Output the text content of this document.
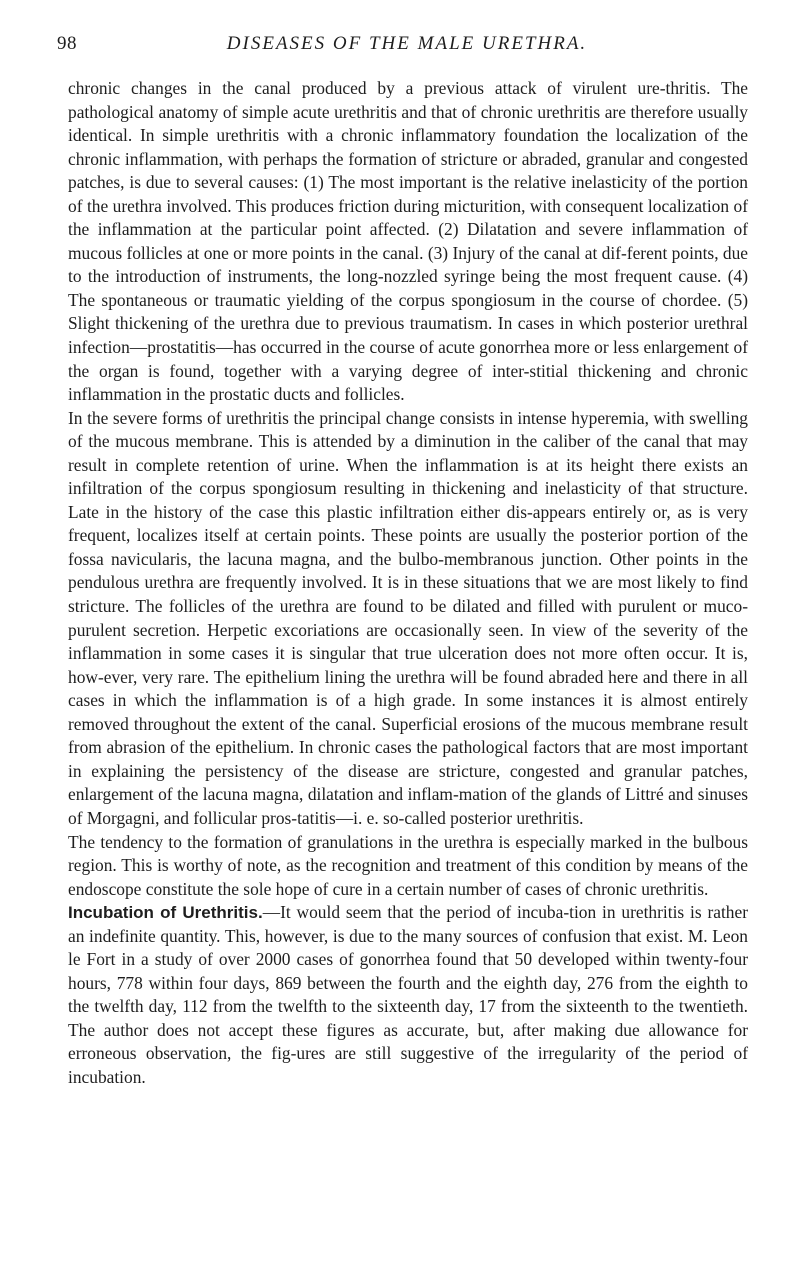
98	DISEASES OF THE MALE URETHRA.

chronic changes in the canal produced by a previous attack of virulent ure-thritis. The pathological anatomy of simple acute urethritis and that of chronic urethritis are therefore usually identical. In simple urethritis with a chronic inflammatory foundation the localization of the chronic inflammation, with perhaps the formation of stricture or abraded, granular and congested patches, is due to several causes: (1) The most important is the relative inelasticity of the portion of the urethra involved. This produces friction during micturition, with consequent localization of the inflammation at the particular point affected. (2) Dilatation and severe inflammation of mucous follicles at one or more points in the canal. (3) Injury of the canal at dif-ferent points, due to the introduction of instruments, the long-nozzled syringe being the most frequent cause. (4) The spontaneous or traumatic yielding of the corpus spongiosum in the course of chordee. (5) Slight thickening of the urethra due to previous traumatism. In cases in which posterior urethral infection—prostatitis—has occurred in the course of acute gonorrhea more or less enlargement of the organ is found, together with a varying degree of inter-stitial thickening and chronic inflammation in the prostatic ducts and follicles.

In the severe forms of urethritis the principal change consists in intense hyperemia, with swelling of the mucous membrane. This is attended by a diminution in the caliber of the canal that may result in complete retention of urine. When the inflammation is at its height there exists an infiltration of the corpus spongiosum resulting in thickening and inelasticity of that structure. Late in the history of the case this plastic infiltration either dis-appears entirely or, as is very frequent, localizes itself at certain points. These points are usually the posterior portion of the fossa navicularis, the lacuna magna, and the bulbo-membranous junction. Other points in the pendulous urethra are frequently involved. It is in these situations that we are most likely to find stricture. The follicles of the urethra are found to be dilated and filled with purulent or muco-purulent secretion. Herpetic excoriations are occasionally seen. In view of the severity of the inflammation in some cases it is singular that true ulceration does not more often occur. It is, how-ever, very rare. The epithelium lining the urethra will be found abraded here and there in all cases in which the inflammation is of a high grade. In some instances it is almost entirely removed throughout the extent of the canal. Superficial erosions of the mucous membrane result from abrasion of the epithelium. In chronic cases the pathological factors that are most important in explaining the persistency of the disease are stricture, congested and granular patches, enlargement of the lacuna magna, dilatation and inflam-mation of the glands of Littré and sinuses of Morgagni, and follicular pros-tatitis—i. e. so-called posterior urethritis.

The tendency to the formation of granulations in the urethra is especially marked in the bulbous region. This is worthy of note, as the recognition and treatment of this condition by means of the endoscope constitute the sole hope of cure in a certain number of cases of chronic urethritis.

Incubation of Urethritis.—It would seem that the period of incuba-tion in urethritis is rather an indefinite quantity. This, however, is due to the many sources of confusion that exist. M. Leon le Fort in a study of over 2000 cases of gonorrhea found that 50 developed within twenty-four hours, 778 within four days, 869 between the fourth and the eighth day, 276 from the eighth to the twelfth day, 112 from the twelfth to the sixteenth day, 17 from the sixteenth to the twentieth. The author does not accept these figures as accurate, but, after making due allowance for erroneous observation, the fig-ures are still suggestive of the irregularity of the period of incubation.
